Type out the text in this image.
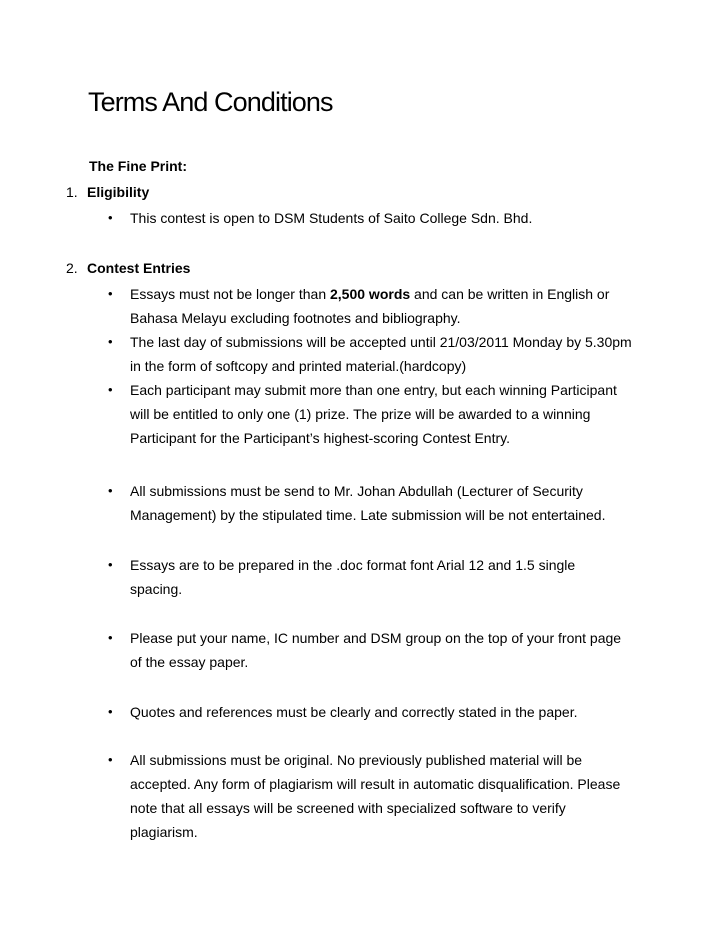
Terms And Conditions
The Fine Print:
1. Eligibility
• This contest is open to DSM Students of Saito College Sdn. Bhd.
2. Contest Entries
• Essays must not be longer than 2,500 words and can be written in English or
Bahasa Melayu excluding footnotes and bibliography.
• The last day of submissions will be accepted until 21/03/2011 Monday by 5.30pm
in the form of softcopy and printed material.(hardcopy)
• Each participant may submit more than one entry, but each winning Participant
will be entitled to only one (1) prize. The prize will be awarded to a winning
Participant for the Participant’s highest-scoring Contest Entry.
• All submissions must be send to Mr. Johan Abdullah (Lecturer of Security
Management) by the stipulated time. Late submission will be not entertained.
• Essays are to be prepared in the .doc format font Arial 12 and 1.5 single
spacing.
• Please put your name, IC number and DSM group on the top of your front page
of the essay paper.
• Quotes and references must be clearly and correctly stated in the paper.
• All submissions must be original. No previously published material will be
accepted. Any form of plagiarism will result in automatic disqualification. Please
note that all essays will be screened with specialized software to verify
plagiarism.
